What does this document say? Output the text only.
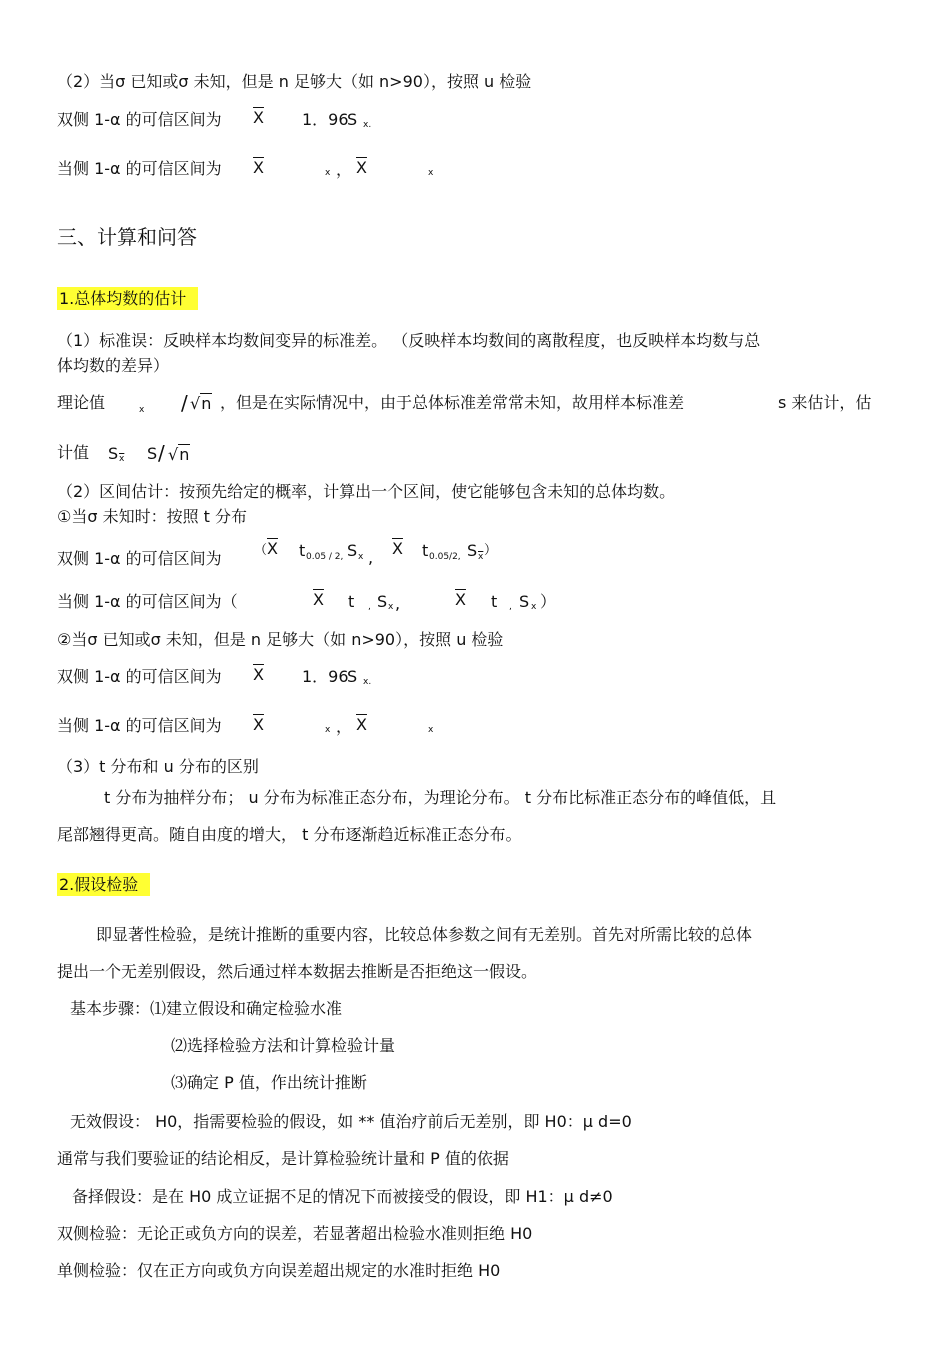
（2）当σ 已知或σ 未知，但是 n 足够大（如 n>90），按照 u 检验
双侧 1-α 的可信区间为 $\overline{X}$ 1．96
S x.
当侧 1-α 的可信区间为 $\overline{X}$	x ， $\overline{X}$	x
三、计算和问答
1.总体均数的估计
（1）标准误：反映样本均数间变异的标准差。 （反映样本均数间的离散程度，也反映样本均数与总
体均数的差异）
理论值	x / √n ，但是在实际情况中，由于总体标准差常常未知，故用样本标准差	s 来估计，估
计值 S $\overline{x}$ S / √n
（2）区间估计：按预先给定的概率，计算出一个区间，使它能够包含未知的总体均数。
①当σ 未知时：按照 t 分布
双侧 1-α 的可信区间为 （ $\overline{X}$ t 0.05 / 2, S x , $\overline{X}$ t 0.05/2, S $\overline{x}$ ）
当侧 1-α 的可信区间为（	$\overline{X}$ t , S x ,	$\overline{X}$ t , S x ）
②当σ 已知或σ 未知，但是 n 足够大（如 n>90），按照 u 检验
双侧 1-α 的可信区间为 $\overline{X}$ 1．96
S x.
当侧 1-α 的可信区间为 $\overline{X}$	x ， $\overline{X}$	x
（3）t 分布和 u 分布的区别
t 分布为抽样分布； u 分布为标准正态分布，为理论分布。 t 分布比标准正态分布的峰值低，且
尾部翘得更高。随自由度的增大， t 分布逐渐趋近标准正态分布。
2.假设检验
即显著性检验，是统计推断的重要内容，比较总体参数之间有无差别。首先对所需比较的总体
提出一个无差别假设，然后通过样本数据去推断是否拒绝这一假设。
基本步骤：⑴建立假设和确定检验水准
⑵选择检验方法和计算检验计量
⑶确定 P 值，作出统计推断
无效假设： H0，指需要检验的假设，如 ** 值治疗前后无差别，即 H0：μ d=0
通常与我们要验证的结论相反，是计算检验统计量和 P 值的依据
备择假设：是在 H0 成立证据不足的情况下而被接受的假设，即 H1：μ d≠0
双侧检验：无论正或负方向的误差，若显著超出检验水准则拒绝 H0
单侧检验：仅在正方向或负方向误差超出规定的水准时拒绝 H0
